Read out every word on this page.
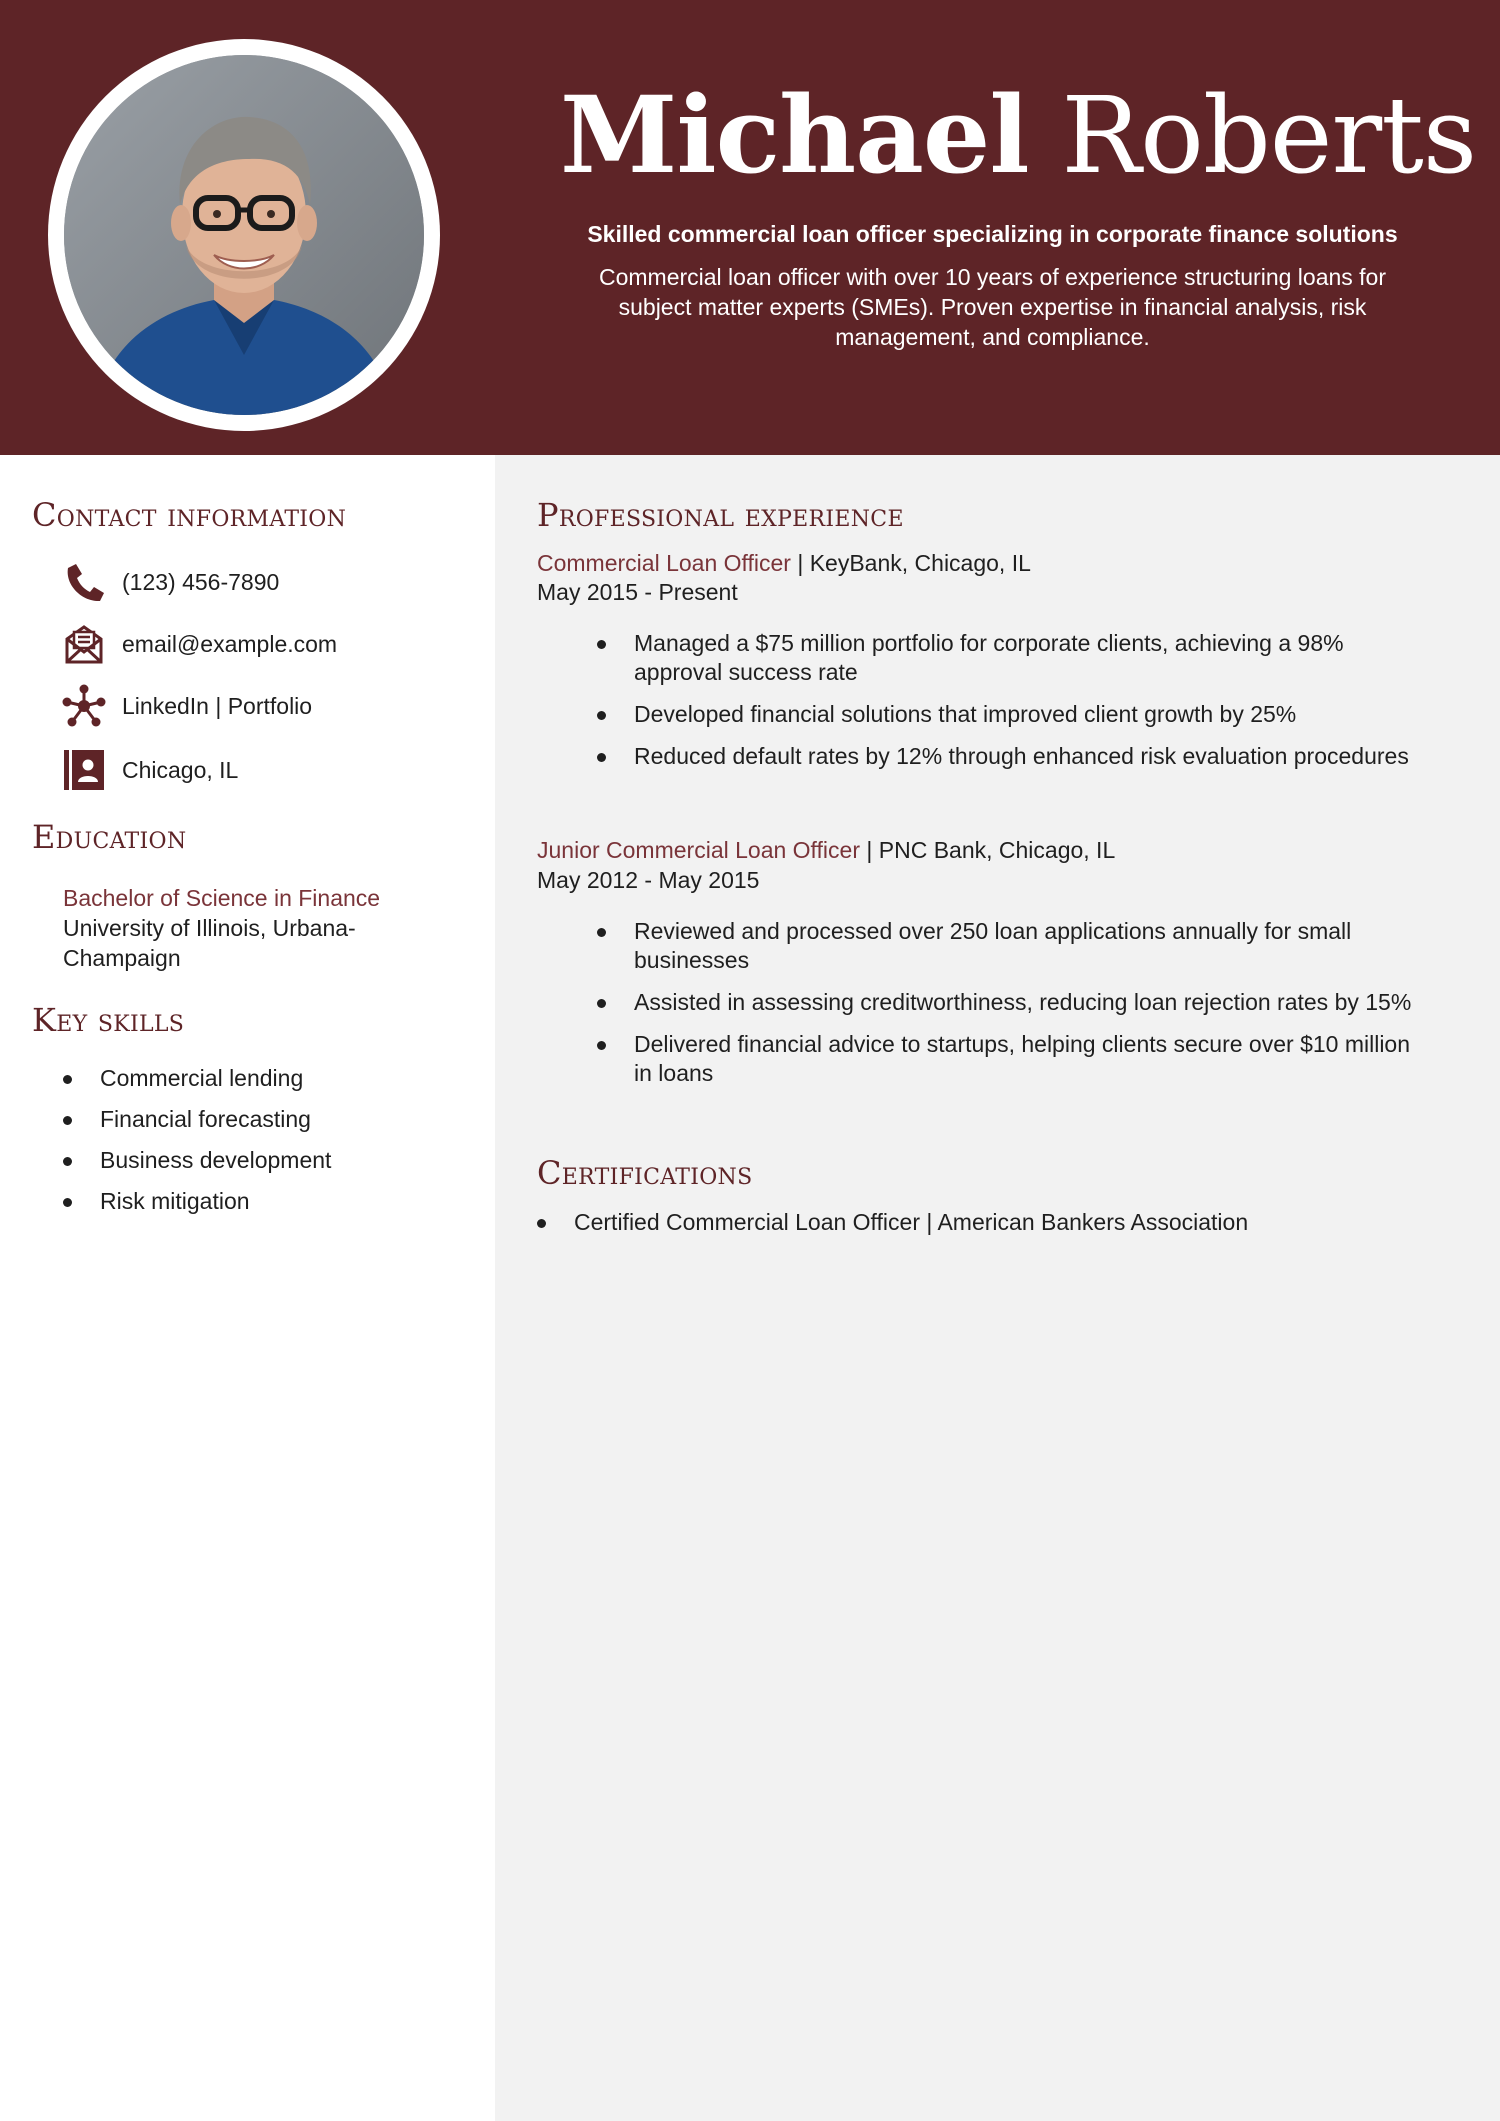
Michael Roberts
Skilled commercial loan officer specializing in corporate finance solutions
Commercial loan officer with over 10 years of experience structuring loans for subject matter experts (SMEs). Proven expertise in financial analysis, risk management, and compliance.
Contact information
(123) 456-7890
email@example.com
LinkedIn | Portfolio
Chicago, IL
Education
Bachelor of Science in Finance
University of Illinois, Urbana-
Champaign
Key skills
Commercial lending
Financial forecasting
Business development
Risk mitigation
Professional experience
Commercial Loan Officer | KeyBank, Chicago, IL
May 2015 - Present
Managed a $75 million portfolio for corporate clients, achieving a 98% approval success rate
Developed financial solutions that improved client growth by 25%
Reduced default rates by 12% through enhanced risk evaluation procedures
Junior Commercial Loan Officer | PNC Bank, Chicago, IL
May 2012 - May 2015
Reviewed and processed over 250 loan applications annually for small businesses
Assisted in assessing creditworthiness, reducing loan rejection rates by 15%
Delivered financial advice to startups, helping clients secure over $10 million in loans
Certifications
Certified Commercial Loan Officer | American Bankers Association
